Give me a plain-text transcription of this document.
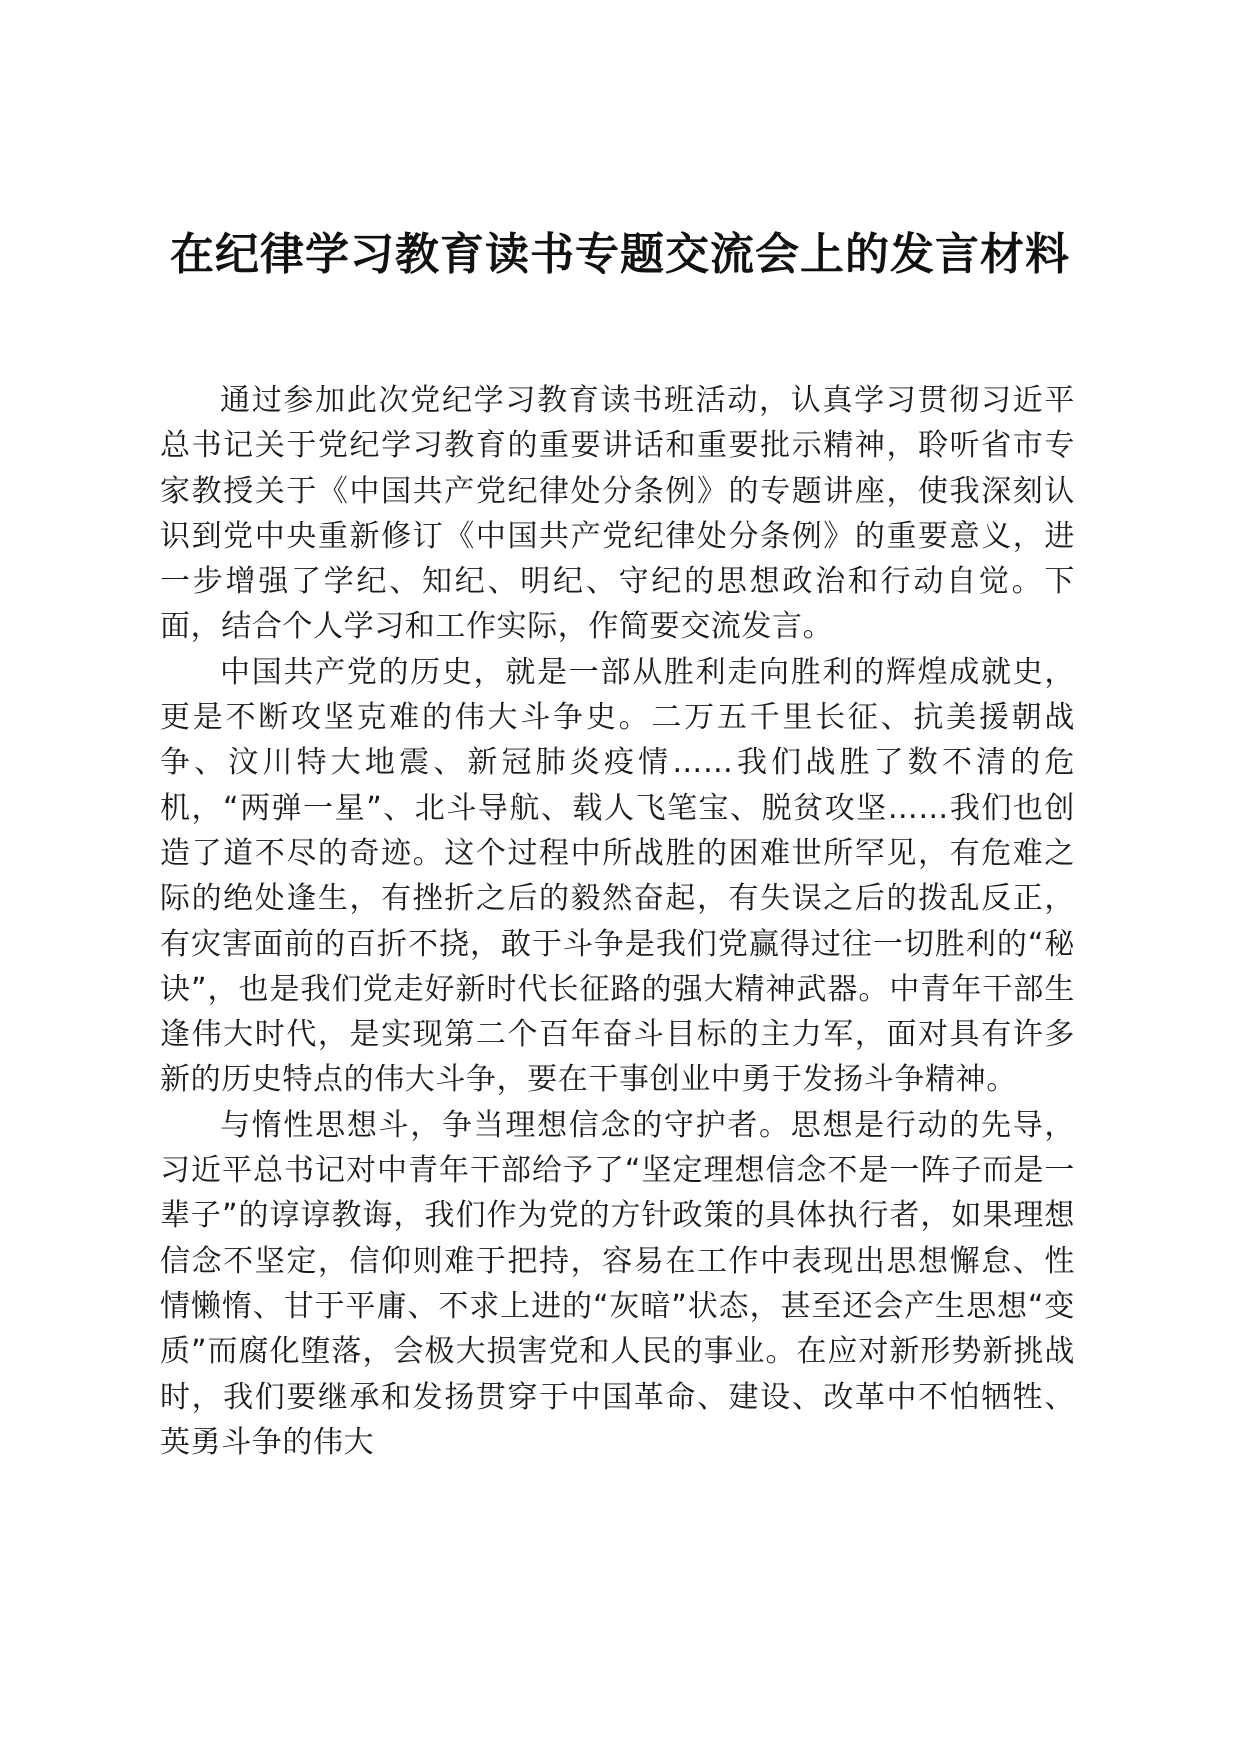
在纪律学习教育读书专题交流会上的发言材料

通过参加此次党纪学习教育读书班活动，认真学习贯彻习近平总书记关于党纪学习教育的重要讲话和重要批示精神，聆听省市专家教授关于《中国共产党纪律处分条例》的专题讲座，使我深刻认识到党中央重新修订《中国共产党纪律处分条例》的重要意义，进一步增强了学纪、知纪、明纪、守纪的思想政治和行动自觉。下面，结合个人学习和工作实际，作简要交流发言。

中国共产党的历史，就是一部从胜利走向胜利的辉煌成就史，更是不断攻坚克难的伟大斗争史。二万五千里长征、抗美援朝战争、汶川特大地震、新冠肺炎疫情……我们战胜了数不清的危机，“两弹一星”、北斗导航、载人飞笔宝、脱贫攻坚……我们也创造了道不尽的奇迹。这个过程中所战胜的困难世所罕见，有危难之际的绝处逢生，有挫折之后的毅然奋起，有失误之后的拨乱反正，有灾害面前的百折不挠，敢于斗争是我们党赢得过往一切胜利的“秘诀”，也是我们党走好新时代长征路的强大精神武器。中青年干部生逢伟大时代，是实现第二个百年奋斗目标的主力军，面对具有许多新的历史特点的伟大斗争，要在干事创业中勇于发扬斗争精神。

与惰性思想斗，争当理想信念的守护者。思想是行动的先导，习近平总书记对中青年干部给予了“坚定理想信念不是一阵子而是一辈子”的谆谆教诲，我们作为党的方针政策的具体执行者，如果理想信念不坚定，信仰则难于把持，容易在工作中表现出思想懈怠、性情懒惰、甘于平庸、不求上进的“灰暗”状态，甚至还会产生思想“变质”而腐化堕落，会极大损害党和人民的事业。在应对新形势新挑战时，我们要继承和发扬贯穿于中国革命、建设、改革中不怕牺牲、英勇斗争的伟大
